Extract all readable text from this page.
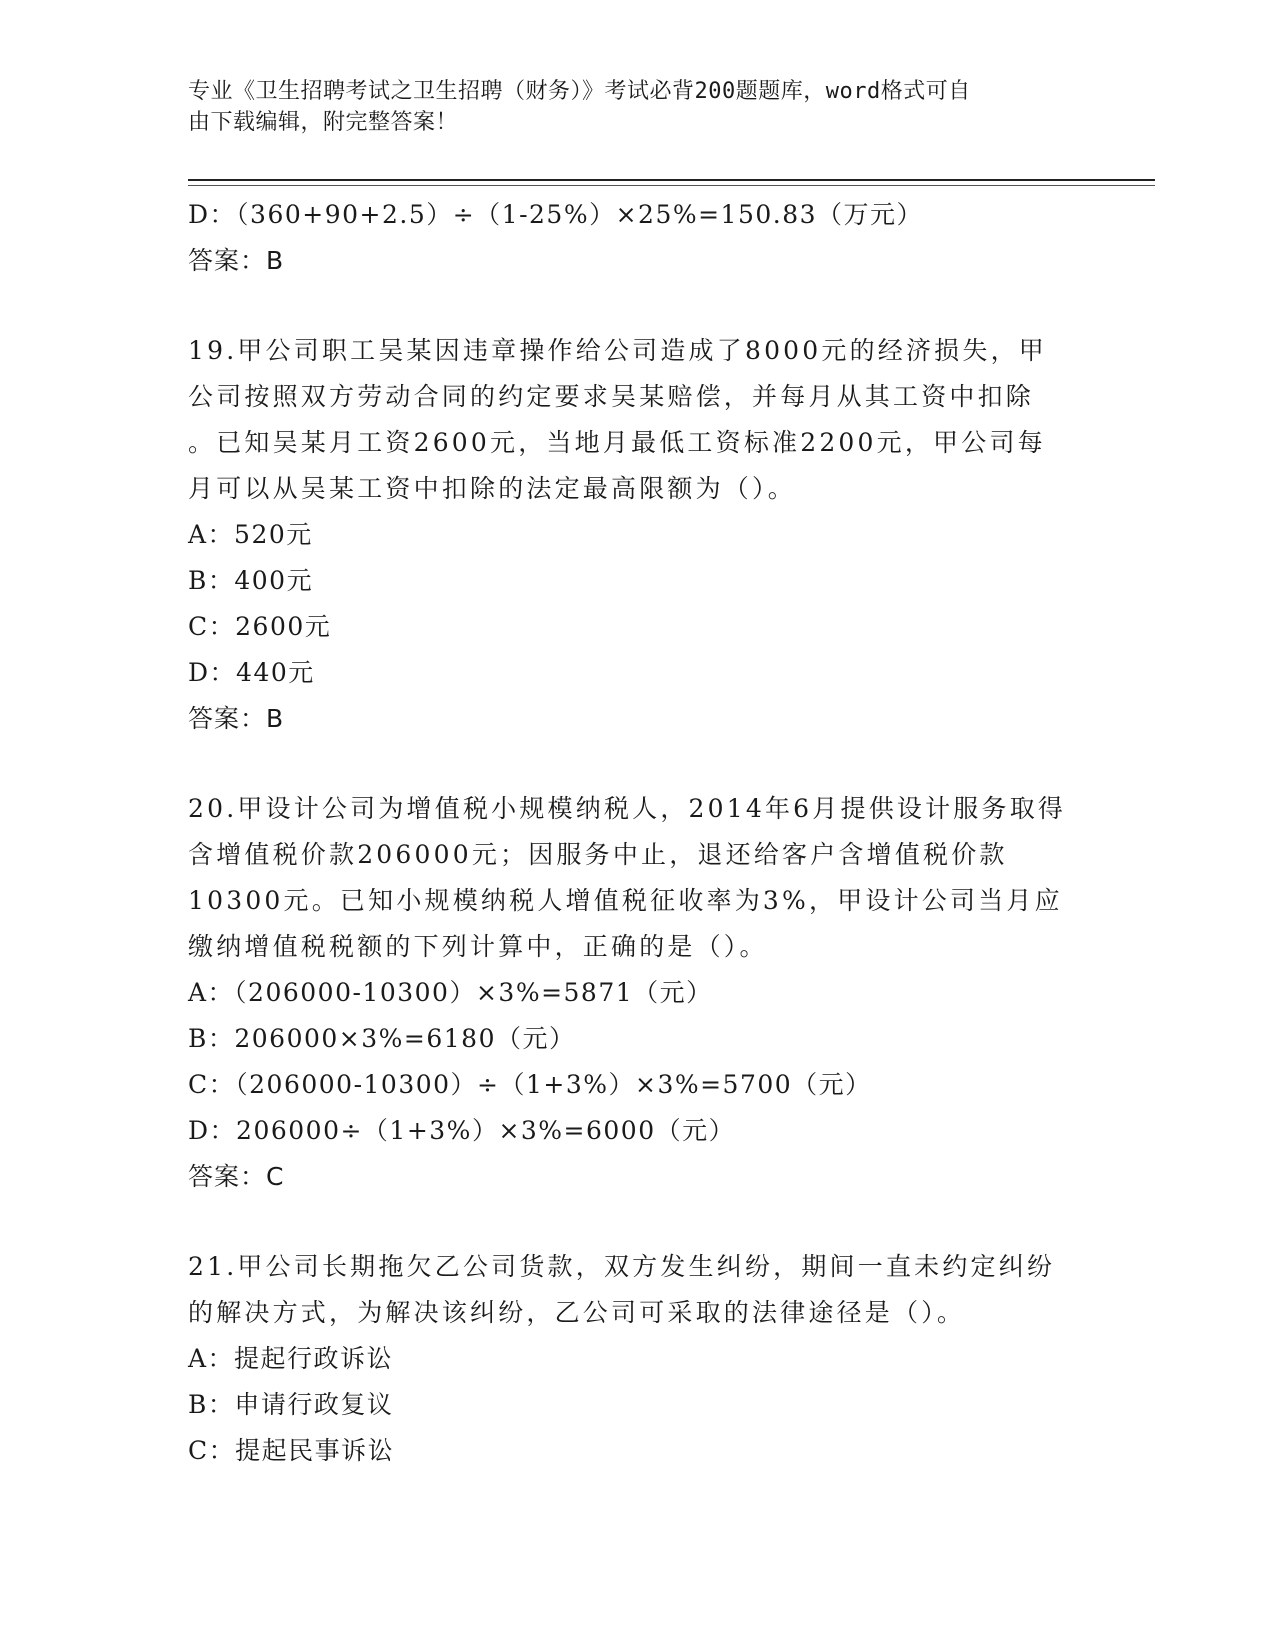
专业《卫生招聘考试之卫生招聘（财务）》考试必背200题题库，word格式可自
由下载编辑，附完整答案！
D：（360+90+2.5）÷（1-25%）×25%=150.83（万元）
答案：B
19.甲公司职工吴某因违章操作给公司造成了8000元的经济损失，甲
公司按照双方劳动合同的约定要求吴某赔偿，并每月从其工资中扣除
。已知吴某月工资2600元，当地月最低工资标准2200元，甲公司每
月可以从吴某工资中扣除的法定最高限额为（）。
A：520元
B：400元
C：2600元
D：440元
答案：B
20.甲设计公司为增值税小规模纳税人，2014年6月提供设计服务取得
含增值税价款206000元；因服务中止，退还给客户含增值税价款
10300元。已知小规模纳税人增值税征收率为3%，甲设计公司当月应
缴纳增值税税额的下列计算中，正确的是（）。
A：（206000-10300）×3%=5871（元）
B：206000×3%=6180（元）
C：（206000-10300）÷（1+3%）×3%=5700（元）
D：206000÷（1+3%）×3%=6000（元）
答案：C
21.甲公司长期拖欠乙公司货款，双方发生纠纷，期间一直未约定纠纷
的解决方式，为解决该纠纷，乙公司可采取的法律途径是（）。
A：提起行政诉讼
B：申请行政复议
C：提起民事诉讼
